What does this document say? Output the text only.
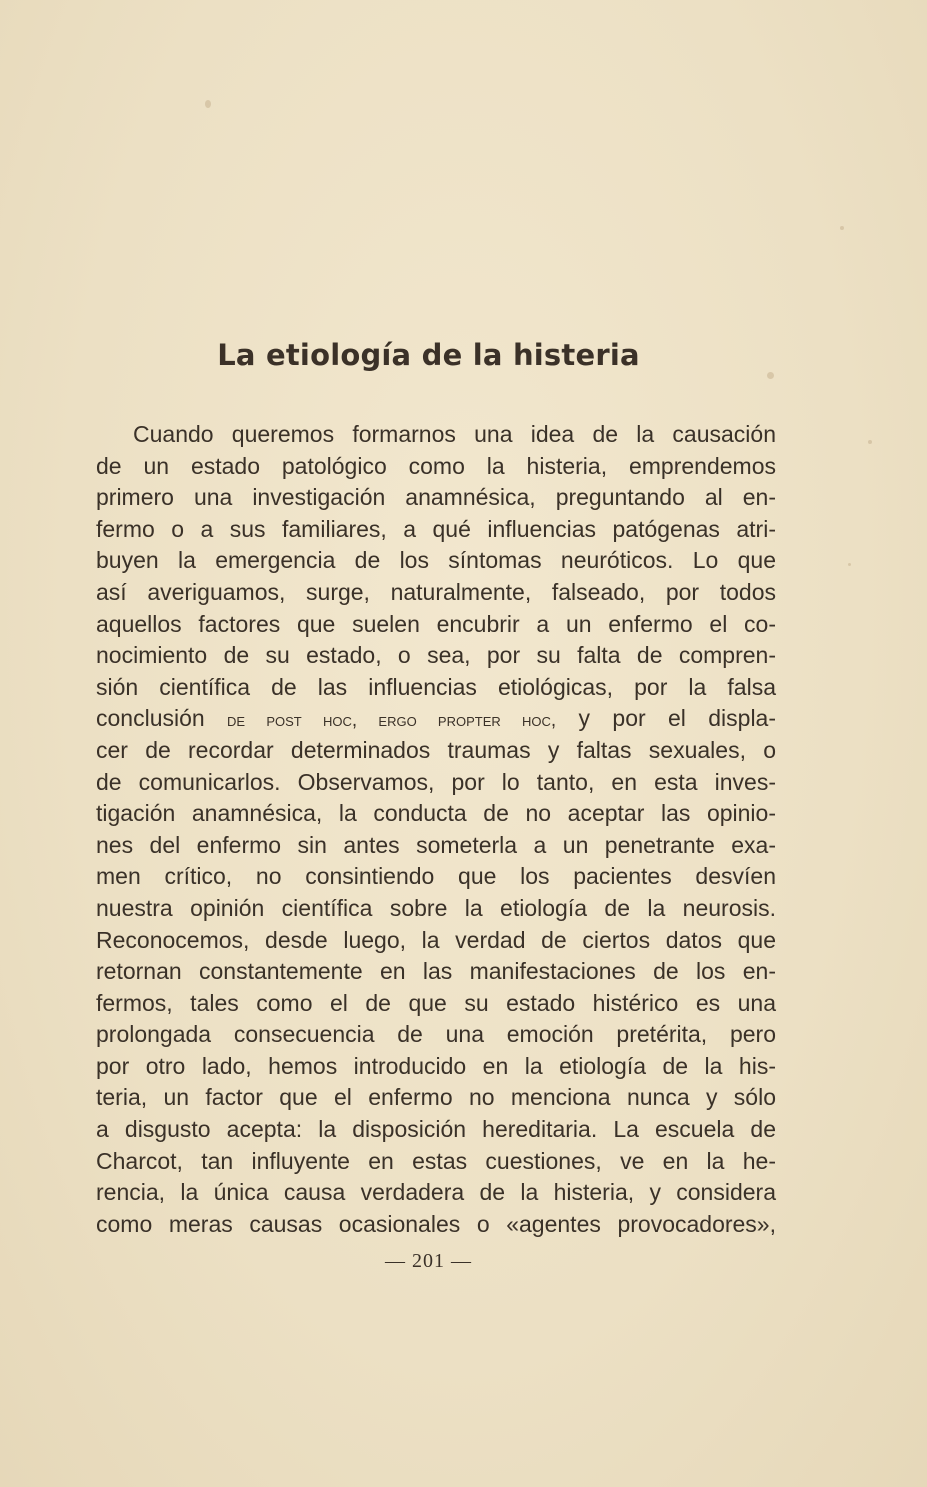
La etiología de la histeria
Cuando queremos formarnos una idea de la causación
de un estado patológico como la histeria, emprendemos
primero una investigación anamnésica, preguntando al en-
fermo o a sus familiares, a qué influencias patógenas atri-
buyen la emergencia de los síntomas neuróticos. Lo que
así averiguamos, surge, naturalmente, falseado, por todos
aquellos factores que suelen encubrir a un enfermo el co-
nocimiento de su estado, o sea, por su falta de compren-
sión científica de las influencias etiológicas, por la falsa
conclusión de post hoc, ergo propter hoc, y por el displa-
cer de recordar determinados traumas y faltas sexuales, o
de comunicarlos. Observamos, por lo tanto, en esta inves-
tigación anamnésica, la conducta de no aceptar las opinio-
nes del enfermo sin antes someterla a un penetrante exa-
men crítico, no consintiendo que los pacientes desvíen
nuestra opinión científica sobre la etiología de la neurosis.
Reconocemos, desde luego, la verdad de ciertos datos que
retornan constantemente en las manifestaciones de los en-
fermos, tales como el de que su estado histérico es una
prolongada consecuencia de una emoción pretérita, pero
por otro lado, hemos introducido en la etiología de la his-
teria, un factor que el enfermo no menciona nunca y sólo
a disgusto acepta: la disposición hereditaria. La escuela de
Charcot, tan influyente en estas cuestiones, ve en la he-
rencia, la única causa verdadera de la histeria, y considera
como meras causas ocasionales o «agentes provocadores»,
— 201 —
